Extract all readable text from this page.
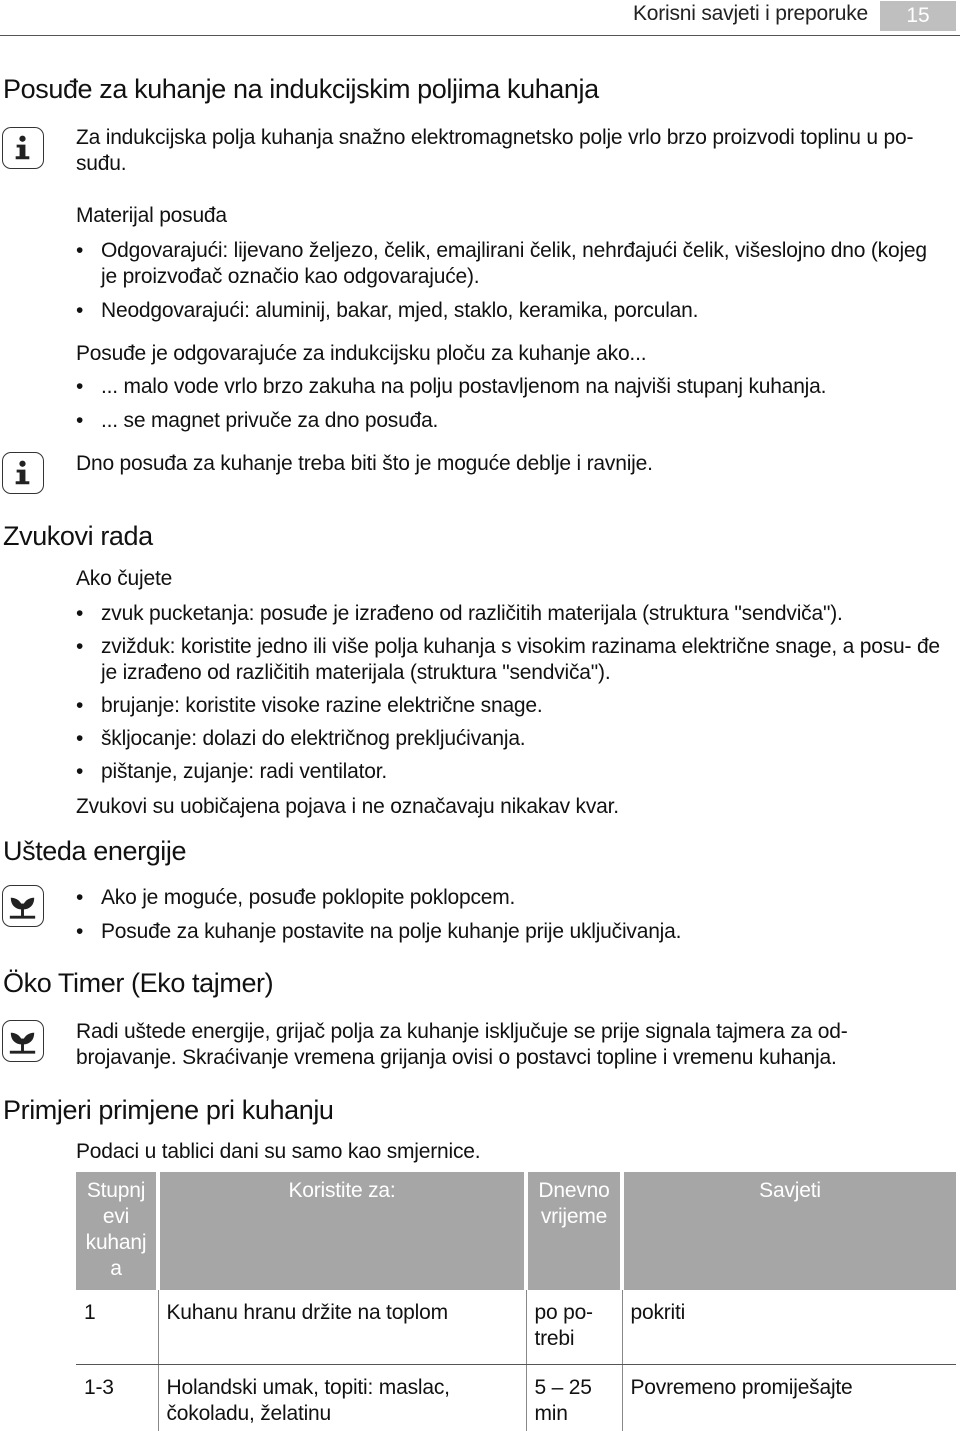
Korisni savjeti i preporuke	15
Posuđe za kuhanje na indukcijskim poljima kuhanja
Za indukcijska polja kuhanja snažno elektromagnetsko polje vrlo brzo proizvodi toplinu u po-
suđu.
Materijal posuđa
• Odgovarajući: lijevano željezo, čelik, emajlirani čelik, nehrđajući čelik, višeslojno dno (kojeg je proizvođač označio kao odgovarajuće).
• Neodgovarajući: aluminij, bakar, mjed, staklo, keramika, porculan.
Posuđe je odgovarajuće za indukcijsku ploču za kuhanje ako...
• ... malo vode vrlo brzo zakuha na polju postavljenom na najviši stupanj kuhanja.
• ... se magnet privuče za dno posuđa.
Dno posuđa za kuhanje treba biti što je moguće deblje i ravnije.
Zvukovi rada
Ako čujete
• zvuk pucketanja: posuđe je izrađeno od različitih materijala (struktura "sendviča").
• zvižduk: koristite jedno ili više polja kuhanja s visokim razinama električne snage, a posu- đe je izrađeno od različitih materijala (struktura "sendviča").
• brujanje: koristite visoke razine električne snage.
• škljocanje: dolazi do električnog prekljućivanja.
• pištanje, zujanje: radi ventilator.
Zvukovi su uobičajena pojava i ne označavaju nikakav kvar.
Ušteda energije
• Ako je moguće, posuđe poklopite poklopcem.
• Posuđe za kuhanje postavite na polje kuhanje prije uključivanja.
Öko Timer (Eko tajmer)
Radi uštede energije, grijač polja za kuhanje isključuje se prije signala tajmera za od- brojavanje. Skraćivanje vremena grijanja ovisi o postavci topline i vremenu kuhanja.
Primjeri primjene pri kuhanju
Podaci u tablici dani su samo kao smjernice.
Stupnj evi kuhanj a	Koristite za:	Dnevno vrijeme	Savjeti
1	Kuhanu hranu držite na toplom	po po- trebi	pokriti
1-3	Holandski umak, topiti: maslac, čokoladu, želatinu	5 – 25 min	Povremeno promiješajte
